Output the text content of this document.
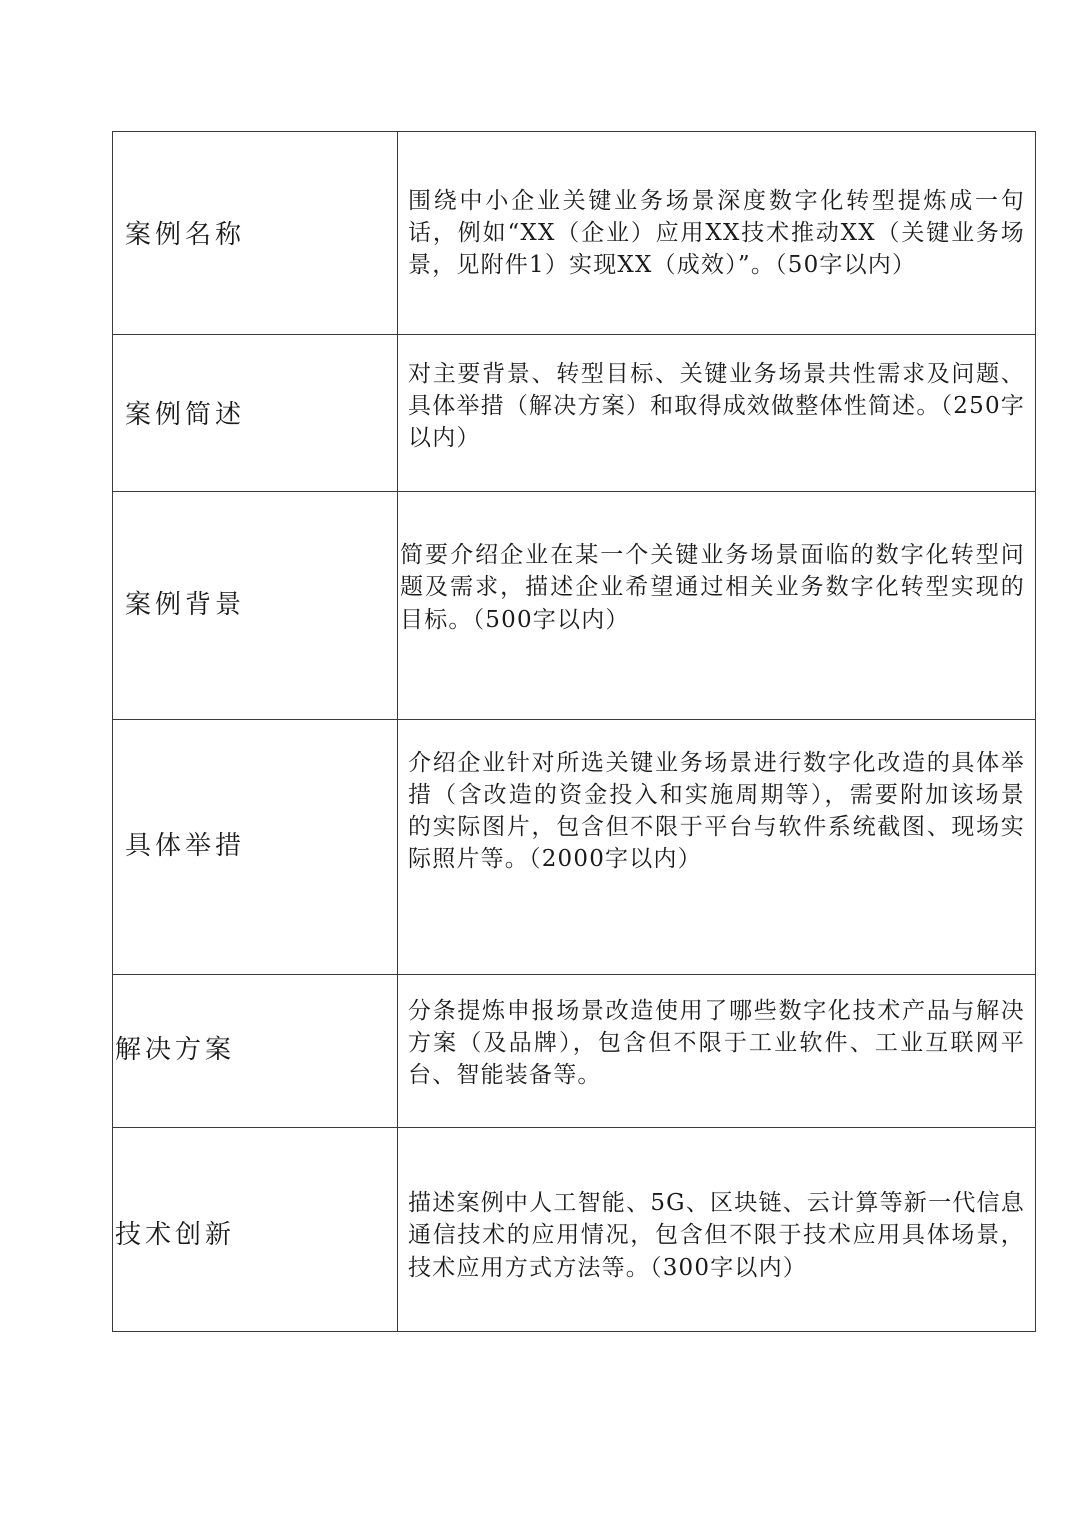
案例名称	围绕中小企业关键业务场景深度数字化转型提炼成一句话，例如“XX（企业）应用XX技术推动XX（关键业务场景，见附件1）实现XX（成效）”。（50字以内）

案例简述	对主要背景、转型目标、关键业务场景共性需求及问题、具体举措（解决方案）和取得成效做整体性简述。（250字以内）

案例背景	简要介绍企业在某一个关键业务场景面临的数字化转型问题及需求，描述企业希望通过相关业务数字化转型实现的目标。（500字以内）

具体举措	介绍企业针对所选关键业务场景进行数字化改造的具体举措（含改造的资金投入和实施周期等），需要附加该场景的实际图片，包含但不限于平台与软件系统截图、现场实际照片等。（2000字以内）

解决方案	分条提炼申报场景改造使用了哪些数字化技术产品与解决方案（及品牌），包含但不限于工业软件、工业互联网平台、智能装备等。

技术创新	描述案例中人工智能、5G、区块链、云计算等新一代信息通信技术的应用情况，包含但不限于技术应用具体场景，技术应用方式方法等。（300字以内）
